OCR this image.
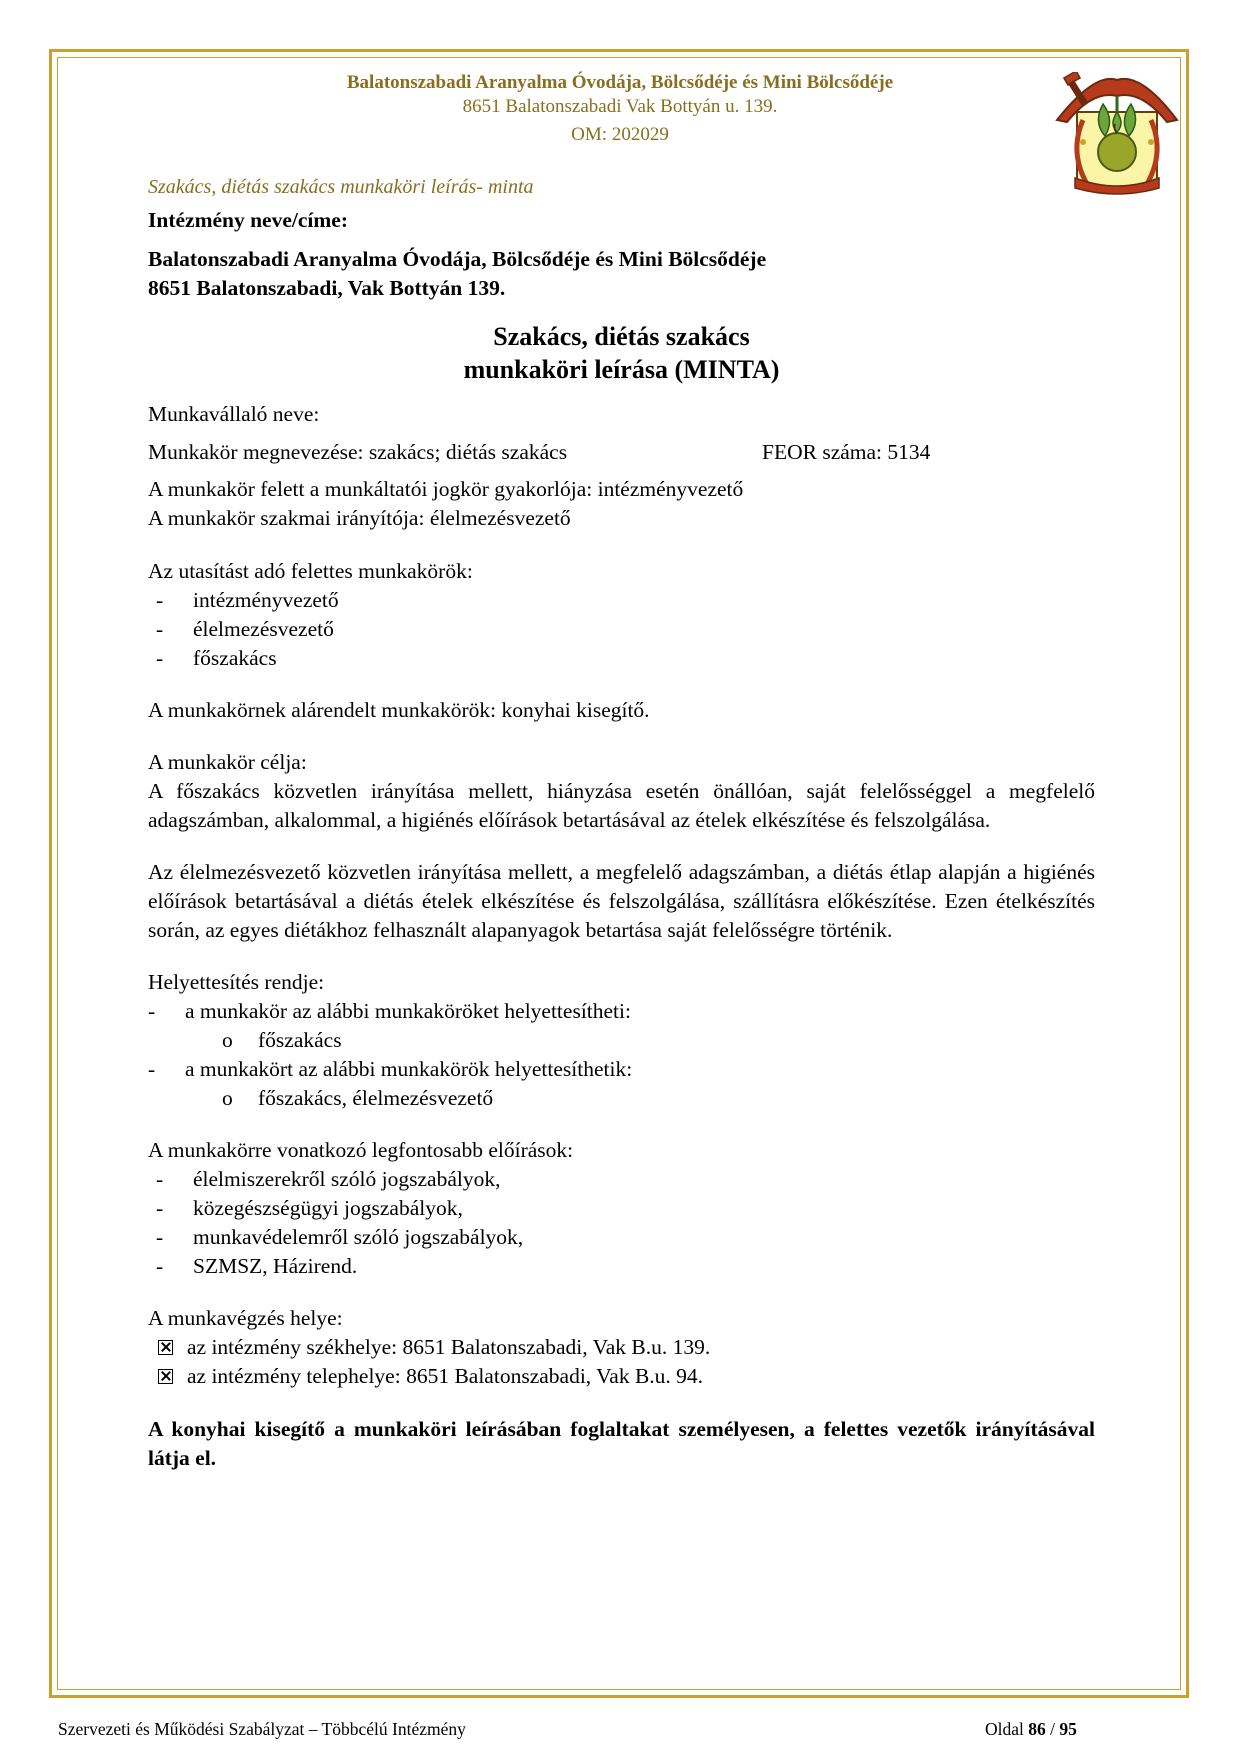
Balatonszabadi Aranyalma Óvodája, Bölcsődéje és Mini Bölcsődéje
8651 Balatonszabadi Vak Bottyán u. 139.
OM: 202029
Szakács, diétás szakács munkaköri leírás- minta

Intézmény neve/címe:

Balatonszabadi Aranyalma Óvodája, Bölcsődéje és Mini Bölcsődéje

8651 Balatonszabadi, Vak Bottyán 139.

Szakács, diétás szakács

munkaköri leírása (MINTA)

Munkavállaló neve:

Munkakör megnevezése: szakács; diétás szakács	FEOR száma: 5134

A munkakör felett a munkáltatói jogkör gyakorlója: intézményvezető

A munkakör szakmai irányítója: élelmezésvezető

Az utasítást adó felettes munkakörök:

-	intézményvezető
-	élelmezésvezető
-	főszakács

A munkakörnek alárendelt munkakörök: konyhai kisegítő.

A munkakör célja:

A főszakács közvetlen irányítása mellett, hiányzása esetén önállóan, saját felelősséggel a megfelelő adagszámban, alkalommal, a higiénés előírások betartásával az ételek elkészítése és felszolgálása.

Az élelmezésvezető közvetlen irányítása mellett, a megfelelő adagszámban, a diétás étlap alapján a higiénés előírások betartásával a diétás ételek elkészítése és felszolgálása, szállításra előkészítése. Ezen ételkészítés során, az egyes diétákhoz felhasznált alapanyagok betartása saját felelősségre történik.

Helyettesítés rendje:

-	a munkakör az alábbi munkaköröket helyettesítheti:
o	főszakács
-	a munkakört az alábbi munkakörök helyettesíthetik:
o	főszakács, élelmezésvezető

A munkakörre vonatkozó legfontosabb előírások:

-	élelmiszerekről szóló jogszabályok,
-	közegészségügyi jogszabályok,
-	munkavédelemről szóló jogszabályok,
-	SZMSZ, Házirend.

A munkavégzés helye:

az intézmény székhelye: 8651 Balatonszabadi, Vak B.u. 139.
az intézmény telephelye: 8651 Balatonszabadi, Vak B.u. 94.

A konyhai kisegítő a munkaköri leírásában foglaltakat személyesen, a felettes vezetők irányításával látja el.

Szervezeti és Működési Szabályzat – Többcélú Intézmény	Oldal 86 / 95
